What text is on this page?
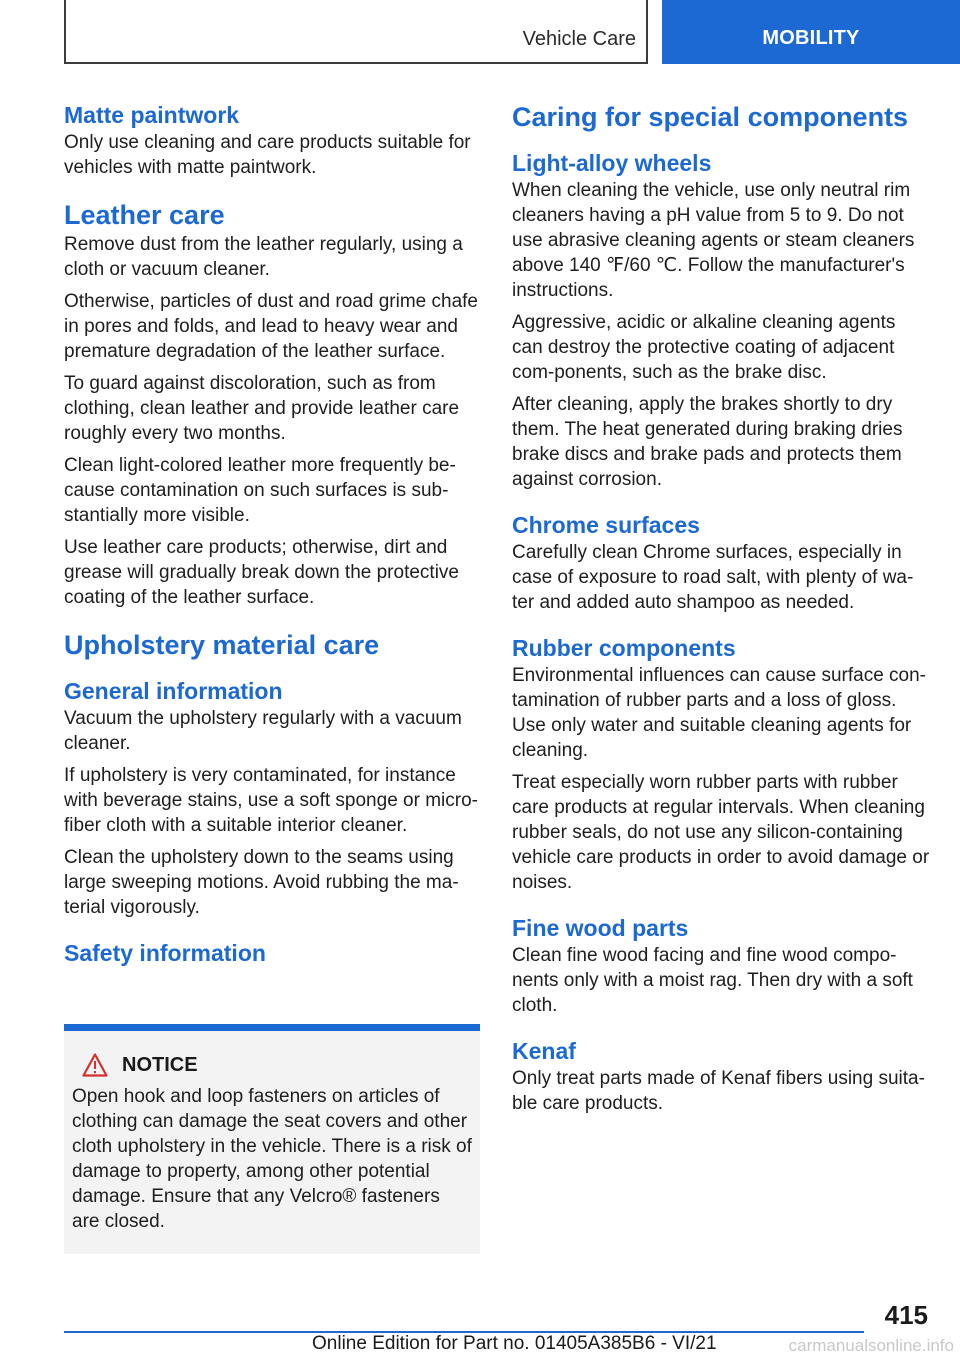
Vehicle Care	MOBILITY
Matte paintwork

Only use cleaning and care products suitable for vehicles with matte paintwork.

Leather care

Remove dust from the leather regularly, using a cloth or vacuum cleaner.

Otherwise, particles of dust and road grime chafe in pores and folds, and lead to heavy wear and premature degradation of the leather surface.

To guard against discoloration, such as from clothing, clean leather and provide leather care roughly every two months.

Clean light-colored leather more frequently be‐cause contamination on such surfaces is sub‐stantially more visible.

Use leather care products; otherwise, dirt and grease will gradually break down the protective coating of the leather surface.

Upholstery material care
General information

Vacuum the upholstery regularly with a vacuum cleaner.

If upholstery is very contaminated, for instance with beverage stains, use a soft sponge or micro‐fiber cloth with a suitable interior cleaner.

Clean the upholstery down to the seams using large sweeping motions. Avoid rubbing the ma‐terial vigorously.

Safety information
NOTICE

Open hook and loop fasteners on articles of clothing can damage the seat covers and other cloth upholstery in the vehicle. There is a risk of damage to property, among other potential damage. Ensure that any Velcro® fasteners are closed.

Caring for special components
Light-alloy wheels

When cleaning the vehicle, use only neutral rim cleaners having a pH value from 5 to 9. Do not use abrasive cleaning agents or steam cleaners above 140 ℉/60 ℃. Follow the manufacturer's instructions.

Aggressive, acidic or alkaline cleaning agents can destroy the protective coating of adjacent com‐ponents, such as the brake disc.

After cleaning, apply the brakes shortly to dry them. The heat generated during braking dries brake discs and brake pads and protects them against corrosion.

Chrome surfaces

Carefully clean Chrome surfaces, especially in case of exposure to road salt, with plenty of wa‐ter and added auto shampoo as needed.

Rubber components

Environmental influences can cause surface con‐tamination of rubber parts and a loss of gloss. Use only water and suitable cleaning agents for cleaning.

Treat especially worn rubber parts with rubber care products at regular intervals. When cleaning rubber seals, do not use any silicon-containing vehicle care products in order to avoid damage or noises.

Fine wood parts

Clean fine wood facing and fine wood compo‐nents only with a moist rag. Then dry with a soft cloth.

Kenaf

Only treat parts made of Kenaf fibers using suita‐ble care products.

415
Online Edition for Part no. 01405A385B6 - VI/21	carmanualsonline.info
